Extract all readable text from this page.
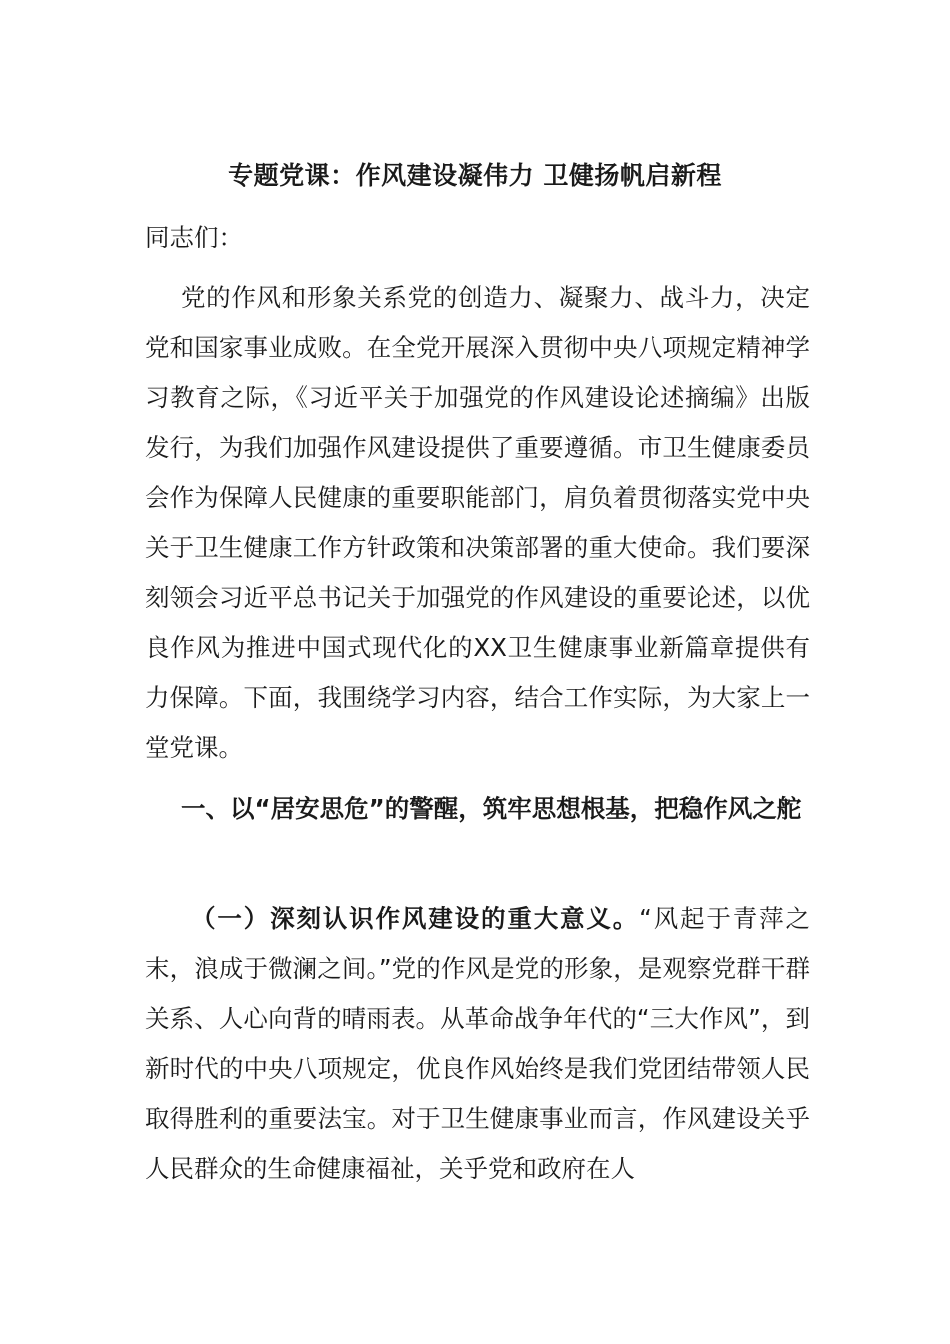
专题党课：作风建设凝伟力 卫健扬帆启新程

同志们：

党的作风和形象关系党的创造力、凝聚力、战斗力，决定党和国家事业成败。在全党开展深入贯彻中央八项规定精神学习教育之际，《习近平关于加强党的作风建设论述摘编》出版发行，为我们加强作风建设提供了重要遵循。市卫生健康委员会作为保障人民健康的重要职能部门，肩负着贯彻落实党中央关于卫生健康工作方针政策和决策部署的重大使命。我们要深刻领会习近平总书记关于加强党的作风建设的重要论述，以优良作风为推进中国式现代化的XX卫生健康事业新篇章提供有力保障。下面，我围绕学习内容，结合工作实际，为大家上一堂党课。

一、以“居安思危”的警醒，筑牢思想根基，把稳作风之舵

（一）深刻认识作风建设的重大意义。“风起于青萍之末，浪成于微澜之间。”党的作风是党的形象，是观察党群干群关系、人心向背的晴雨表。从革命战争年代的“三大作风”，到新时代的中央八项规定，优良作风始终是我们党团结带领人民取得胜利的重要法宝。对于卫生健康事业而言，作风建设关乎人民群众的生命健康福祉，关乎党和政府在人
